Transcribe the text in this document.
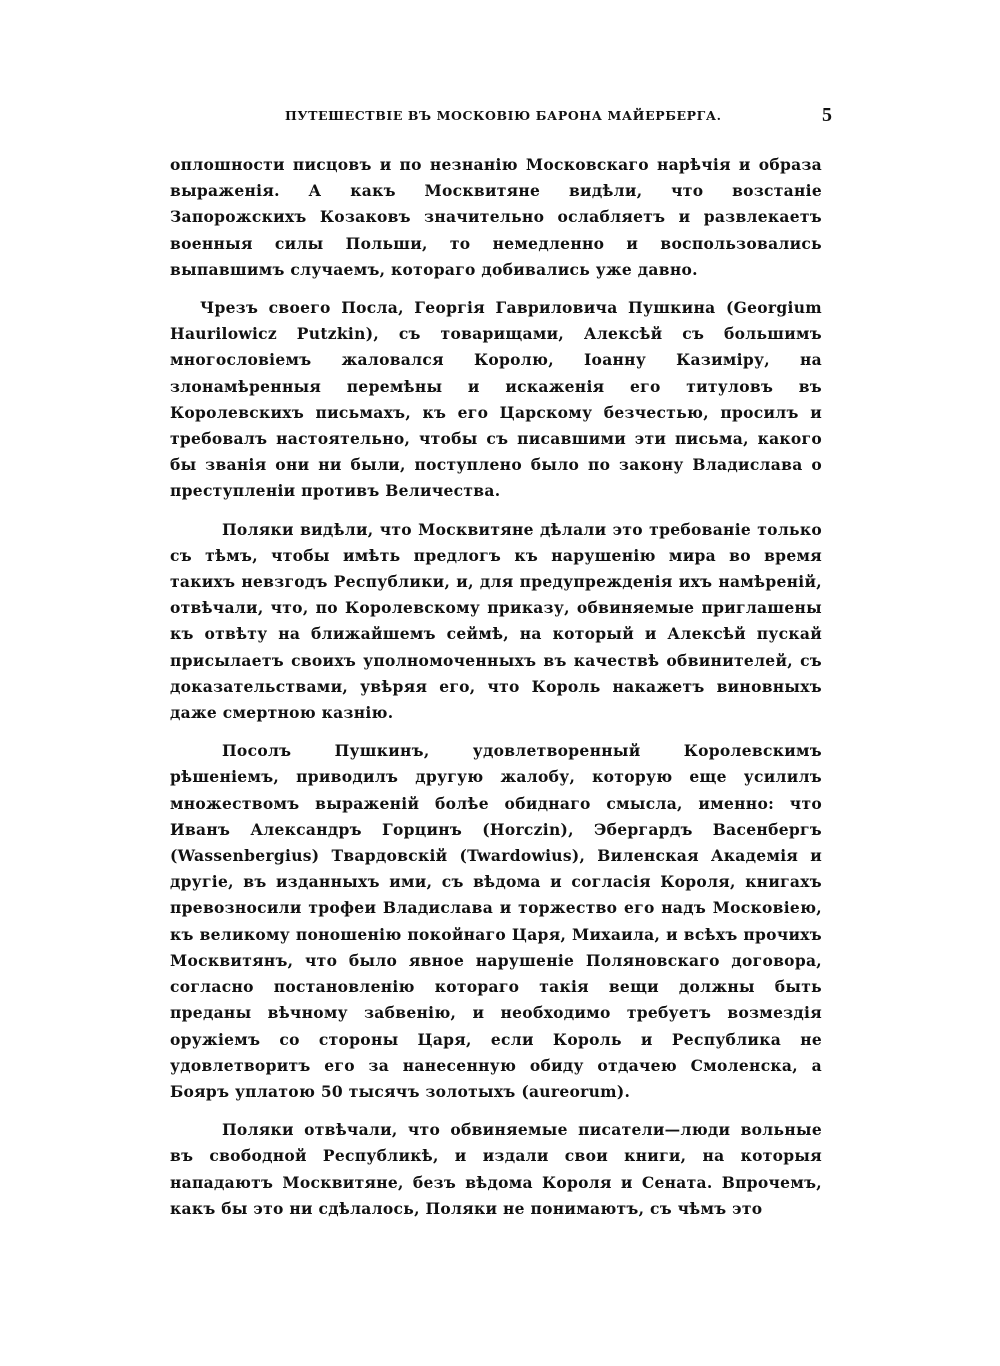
ПУТЕШЕСТВІЕ ВЪ МОСКОВІЮ БАРОНА МАЙЕРБЕРГА.	5

оплошности писцовъ и по незнанію Московскаго нарѣчія и образа выраженія. А какъ Москвитяне видѣли, что возстаніе Запорожскихъ Козаковъ значительно ослабляетъ и развлекаетъ военныя силы Польши, то немедленно и воспользовались выпавшимъ случаемъ, котораго добивались уже давно.

Чрезъ своего Посла, Георгія Гавриловича Пушкина (Georgium Haurilowicz Putzkin), съ товарищами, Алексѣй съ большимъ многословіемъ жаловался Королю, Іоанну Казиміру, на злонамѣренныя перемѣны и искаженія его титуловъ въ Королевскихъ письмахъ, къ его Царскому безчестью, просилъ и требовалъ настоятельно, чтобы съ писавшими эти письма, какого бы званія они ни были, поступлено было по закону Владислава о преступленіи противъ Величества.

Поляки видѣли, что Москвитяне дѣлали это требованіе только съ тѣмъ, чтобы имѣть предлогъ къ нарушенію мира во время такихъ невзгодъ Республики, и, для предупрежденія ихъ намѣреній, отвѣчали, что, по Королевскому приказу, обвиняемые приглашены къ отвѣту на ближайшемъ сеймѣ, на который и Алексѣй пускай присылаетъ своихъ уполномоченныхъ въ качествѣ обвинителей, съ доказательствами, увѣряя его, что Король накажетъ виновныхъ даже смертною казнію.

Посолъ Пушкинъ, удовлетворенный Королевскимъ рѣшеніемъ, приводилъ другую жалобу, которую еще усилилъ множествомъ выраженій болѣе обиднаго смысла, именно: что Иванъ Александръ Горцинъ (Horczin), Эбергардъ Васенбергъ (Wassenbergius) Твардовскій (Twardowius), Виленская Академія и другіе, въ изданныхъ ими, съ вѣдома и согласія Короля, книгахъ превозносили трофеи Владислава и торжество его надъ Московіею, къ великому поношенію покойнаго Царя, Михаила, и всѣхъ прочихъ Москвитянъ, что было явное нарушеніе Поляновскаго договора, согласно постановленію котораго такія вещи должны быть преданы вѣчному забвенію, и необходимо требуетъ возмездія оружіемъ со стороны Царя, если Король и Республика не удовлетворитъ его за нанесенную обиду отдачею Смоленска, а Бояръ уплатою 50 тысячъ золотыхъ (aureorum).

Поляки отвѣчали, что обвиняемые писатели—люди вольные въ свободной Республикѣ, и издали свои книги, на которыя нападаютъ Москвитяне, безъ вѣдома Короля и Сената. Впрочемъ, какъ бы это ни сдѣлалось, Поляки не понимаютъ, съ чѣмъ это
